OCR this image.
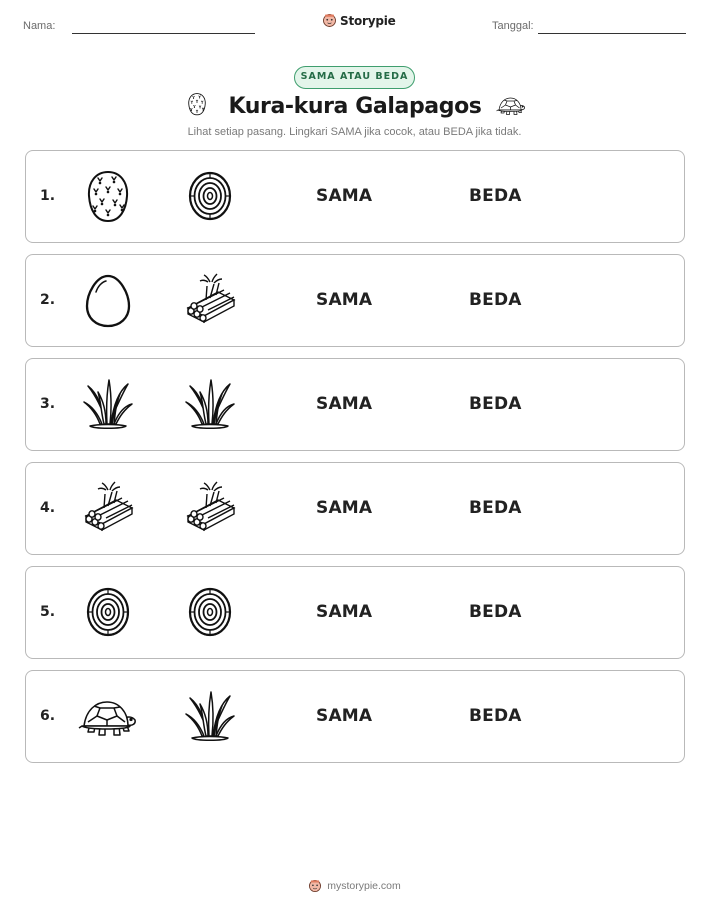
Nama:	Storypie	Tanggal:
SAMA ATAU BEDA
Kura-kura Galapagos
Lihat setiap pasang. Lingkari SAMA jika cocok, atau BEDA jika tidak.
1.	SAMA	BEDA
2.	SAMA	BEDA
3.	SAMA	BEDA
4.	SAMA	BEDA
5.	SAMA	BEDA
6.	SAMA	BEDA
mystorypie.com
